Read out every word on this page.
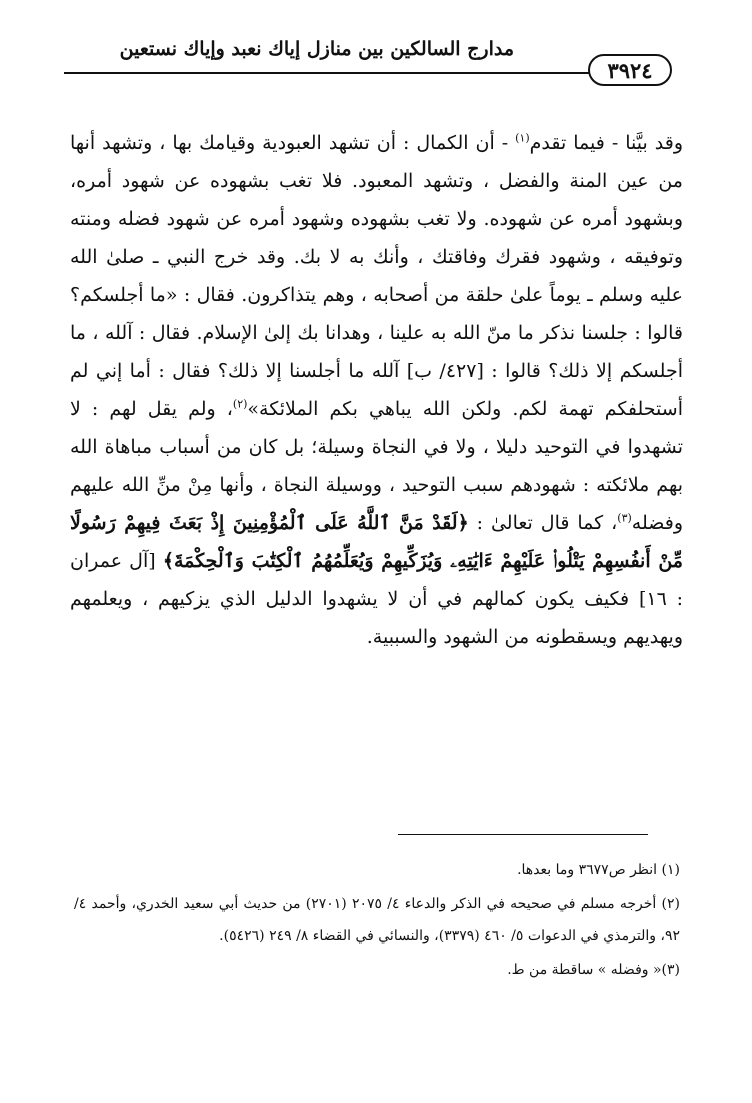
مدارج السالكين بين منازل إياك نعبد وإياك نستعين
٣٩٢٤

وقد بيَّنا - فيما تقدم$^{(١)}$ - أن الكمال : أن تشهد العبودية وقيامك بها ، وتشهد أنها من عين المنة والفضل ، وتشهد المعبود. فلا تغب بشهوده عن شهود أمره، وبشهود أمره عن شهوده. ولا تغب بشهوده وشهود أمره عن شهود فضله ومنته وتوفيقه ، وشهود فقرك وفاقتك ، وأنك به لا بك. وقد خرج النبي ـ صلىٰ الله عليه وسلم ـ يوماً علىٰ حلقة من أصحابه ، وهم يتذاكرون. فقال : «ما أجلسكم؟ قالوا : جلسنا نذكر ما منّ الله به علينا ، وهدانا بك إلىٰ الإسلام. فقال : آلله ، ما أجلسكم إلا ذلك؟ قالوا : [٤٢٧/ ب] آلله ما أجلسنا إلا ذلك؟ فقال : أما إني لم أستحلفكم تهمة لكم. ولكن الله يباهي بكم الملائكة»$^{(٢)}$، ولم يقل لهم : لا تشهدوا في التوحيد دليلا ، ولا في النجاة وسيلة؛ بل كان من أسباب مباهاة الله بهم ملائكته : شهودهم سبب التوحيد ، ووسيلة النجاة ، وأنها مِنْ منِّ الله عليهم وفضله$^{(٣)}$، كما قال تعالىٰ : ﴿لَقَدْ مَنَّ ٱللَّهُ عَلَى ٱلْمُؤْمِنِينَ إِذْ بَعَثَ فِيهِمْ رَسُولًا مِّنْ أَنفُسِهِمْ يَتْلُوا۟ عَلَيْهِمْ ءَايَٰتِهِۦ وَيُزَكِّيهِمْ وَيُعَلِّمُهُمُ ٱلْكِتَٰبَ وَٱلْحِكْمَةَ﴾ [آل عمران : ١٦] فكيف يكون كمالهم في أن لا يشهدوا الدليل الذي يزكيهم ، ويعلمهم ويهديهم ويسقطونه من الشهود والسببية.

(١) انظر ص٣٦٧٧ وما بعدها.

(٢) أخرجه مسلم في صحيحه في الذكر والدعاء ٤/ ٢٠٧٥ (٢٧٠١) من حديث أبي سعيد الخدري، وأحمد ٤/ ٩٢، والترمذي في الدعوات ٥/ ٤٦٠ (٣٣٧٩)، والنسائي في القضاء ٨/ ٢٤٩ (٥٤٢٦).

(٣)« وفضله » ساقطة من ط.
